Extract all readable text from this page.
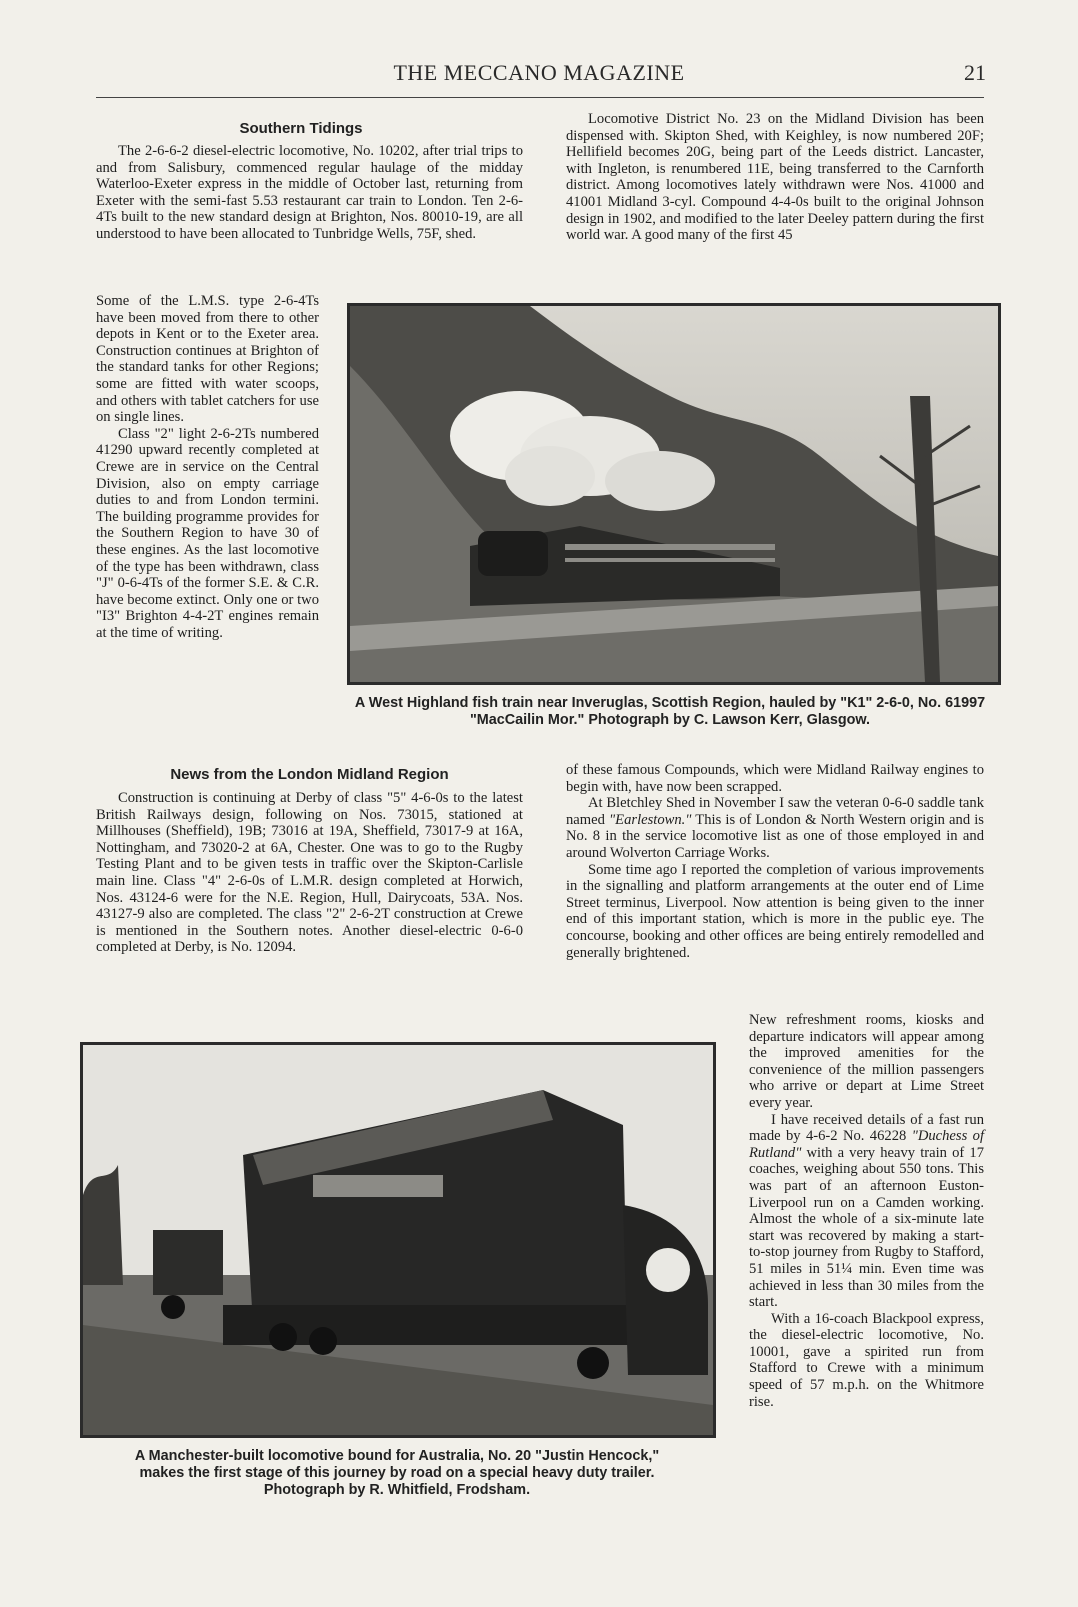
THE MECCANO MAGAZINE	21
Southern Tidings

The 2-6-6-2 diesel-electric locomotive, No. 10202, after trial trips to and from Salisbury, commenced regular haulage of the midday Waterloo-Exeter express in the middle of October last, returning from Exeter with the semi-fast 5.53 restaurant car train to London. Ten 2-6-4Ts built to the new standard design at Brighton, Nos. 80010-19, are all understood to have been allocated to Tunbridge Wells, 75F, shed.

Some of the L.M.S. type 2-6-4Ts have been moved from there to other depots in Kent or to the Exeter area. Construction continues at Brighton of the standard tanks for other Regions; some are fitted with water scoops, and others with tablet catchers for use on single lines.

Class "2" light 2-6-2Ts numbered 41290 upward recently completed at Crewe are in service on the Central Division, also on empty carriage duties to and from London termini. The building programme provides for the Southern Region to have 30 of these engines. As the last locomotive of the type has been withdrawn, class "J" 0-6-4Ts of the former S.E. & C.R. have become extinct. Only one or two "I3" Brighton 4-4-2T engines remain at the time of writing.

Locomotive District No. 23 on the Midland Division has been dispensed with. Skipton Shed, with Keighley, is now numbered 20F; Hellifield becomes 20G, being part of the Leeds district. Lancaster, with Ingleton, is renumbered 11E, being transferred to the Carnforth district. Among locomotives lately withdrawn were Nos. 41000 and 41001 Midland 3-cyl. Compound 4-4-0s built to the original Johnson design in 1902, and modified to the later Deeley pattern during the first world war. A good many of the first 45

A West Highland fish train near Inveruglas, Scottish Region, hauled by "K1" 2-6-0, No. 61997 "MacCailin Mor." Photograph by C. Lawson Kerr, Glasgow.
News from the London Midland Region

Construction is continuing at Derby of class "5" 4-6-0s to the latest British Railways design, following on Nos. 73015, stationed at Millhouses (Sheffield), 19B; 73016 at 19A, Sheffield, 73017-9 at 16A, Nottingham, and 73020-2 at 6A, Chester. One was to go to the Rugby Testing Plant and to be given tests in traffic over the Skipton-Carlisle main line. Class "4" 2-6-0s of L.M.R. design completed at Horwich, Nos. 43124-6 were for the N.E. Region, Hull, Dairycoats, 53A. Nos. 43127-9 also are completed. The class "2" 2-6-2T construction at Crewe is mentioned in the Southern notes. Another diesel-electric 0-6-0 completed at Derby, is No. 12094.

of these famous Compounds, which were Midland Railway engines to begin with, have now been scrapped.

At Bletchley Shed in November I saw the veteran 0-6-0 saddle tank named "Earlestown." This is of London & North Western origin and is No. 8 in the service locomotive list as one of those employed in and around Wolverton Carriage Works.

Some time ago I reported the completion of various improvements in the signalling and platform arrangements at the outer end of Lime Street terminus, Liverpool. Now attention is being given to the inner end of this important station, which is more in the public eye. The concourse, booking and other offices are being entirely remodelled and generally brightened.

New refreshment rooms, kiosks and departure indicators will appear among the improved amenities for the convenience of the million passengers who arrive or depart at Lime Street every year.

I have received details of a fast run made by 4-6-2 No. 46228 "Duchess of Rutland" with a very heavy train of 17 coaches, weighing about 550 tons. This was part of an afternoon Euston-Liverpool run on a Camden working. Almost the whole of a six-minute late start was recovered by making a start-to-stop journey from Rugby to Stafford, 51 miles in 51¼ min. Even time was achieved in less than 30 miles from the start.

With a 16-coach Blackpool express, the diesel-electric locomotive, No. 10001, gave a spirited run from Stafford to Crewe with a minimum speed of 57 m.p.h. on the Whitmore rise.

A Manchester-built locomotive bound for Australia, No. 20 "Justin Hencock,"
makes the first stage of this journey by road on a special heavy duty trailer.
Photograph by R. Whitfield, Frodsham.
